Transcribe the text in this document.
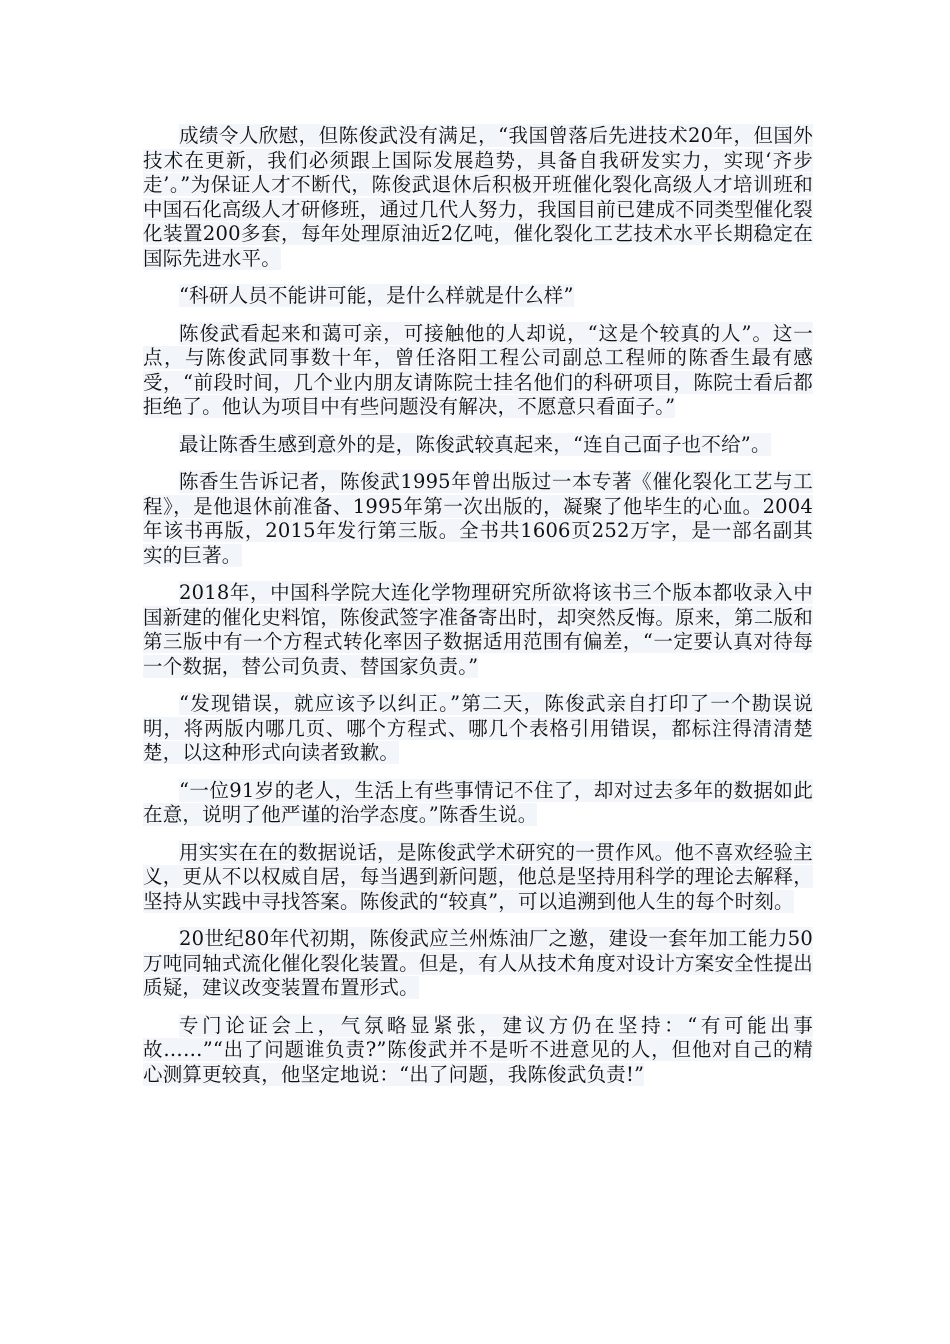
成绩令人欣慰，但陈俊武没有满足，“我国曾落后先进技术20年，但国外技术在更新，我们必须跟上国际发展趋势，具备自我研发实力，实现‘齐步走’。”为保证人才不断代，陈俊武退休后积极开班催化裂化高级人才培训班和中国石化高级人才研修班，通过几代人努力，我国目前已建成不同类型催化裂化装置200多套，每年处理原油近2亿吨，催化裂化工艺技术水平长期稳定在国际先进水平。

“科研人员不能讲可能，是什么样就是什么样”

陈俊武看起来和蔼可亲，可接触他的人却说，“这是个较真的人”。这一点，与陈俊武同事数十年，曾任洛阳工程公司副总工程师的陈香生最有感受，“前段时间，几个业内朋友请陈院士挂名他们的科研项目，陈院士看后都拒绝了。他认为项目中有些问题没有解决，不愿意只看面子。”

最让陈香生感到意外的是，陈俊武较真起来，“连自己面子也不给”。

陈香生告诉记者，陈俊武1995年曾出版过一本专著《催化裂化工艺与工程》，是他退休前准备、1995年第一次出版的，凝聚了他毕生的心血。2004年该书再版，2015年发行第三版。全书共1606页252万字，是一部名副其实的巨著。

2018年，中国科学院大连化学物理研究所欲将该书三个版本都收录入中国新建的催化史料馆，陈俊武签字准备寄出时，却突然反悔。原来，第二版和第三版中有一个方程式转化率因子数据适用范围有偏差，“一定要认真对待每一个数据，替公司负责、替国家负责。”

“发现错误，就应该予以纠正。”第二天，陈俊武亲自打印了一个勘误说明，将两版内哪几页、哪个方程式、哪几个表格引用错误，都标注得清清楚楚，以这种形式向读者致歉。

“一位91岁的老人，生活上有些事情记不住了，却对过去多年的数据如此在意，说明了他严谨的治学态度。”陈香生说。

用实实在在的数据说话，是陈俊武学术研究的一贯作风。他不喜欢经验主义，更从不以权威自居，每当遇到新问题，他总是坚持用科学的理论去解释，坚持从实践中寻找答案。陈俊武的“较真”，可以追溯到他人生的每个时刻。

20世纪80年代初期，陈俊武应兰州炼油厂之邀，建设一套年加工能力50万吨同轴式流化催化裂化装置。但是，有人从技术角度对设计方案安全性提出质疑，建议改变装置布置形式。

专门论证会上，气氛略显紧张，建议方仍在坚持：“有可能出事故……”“出了问题谁负责?”陈俊武并不是听不进意见的人，但他对自己的精心测算更较真，他坚定地说：“出了问题，我陈俊武负责!”
